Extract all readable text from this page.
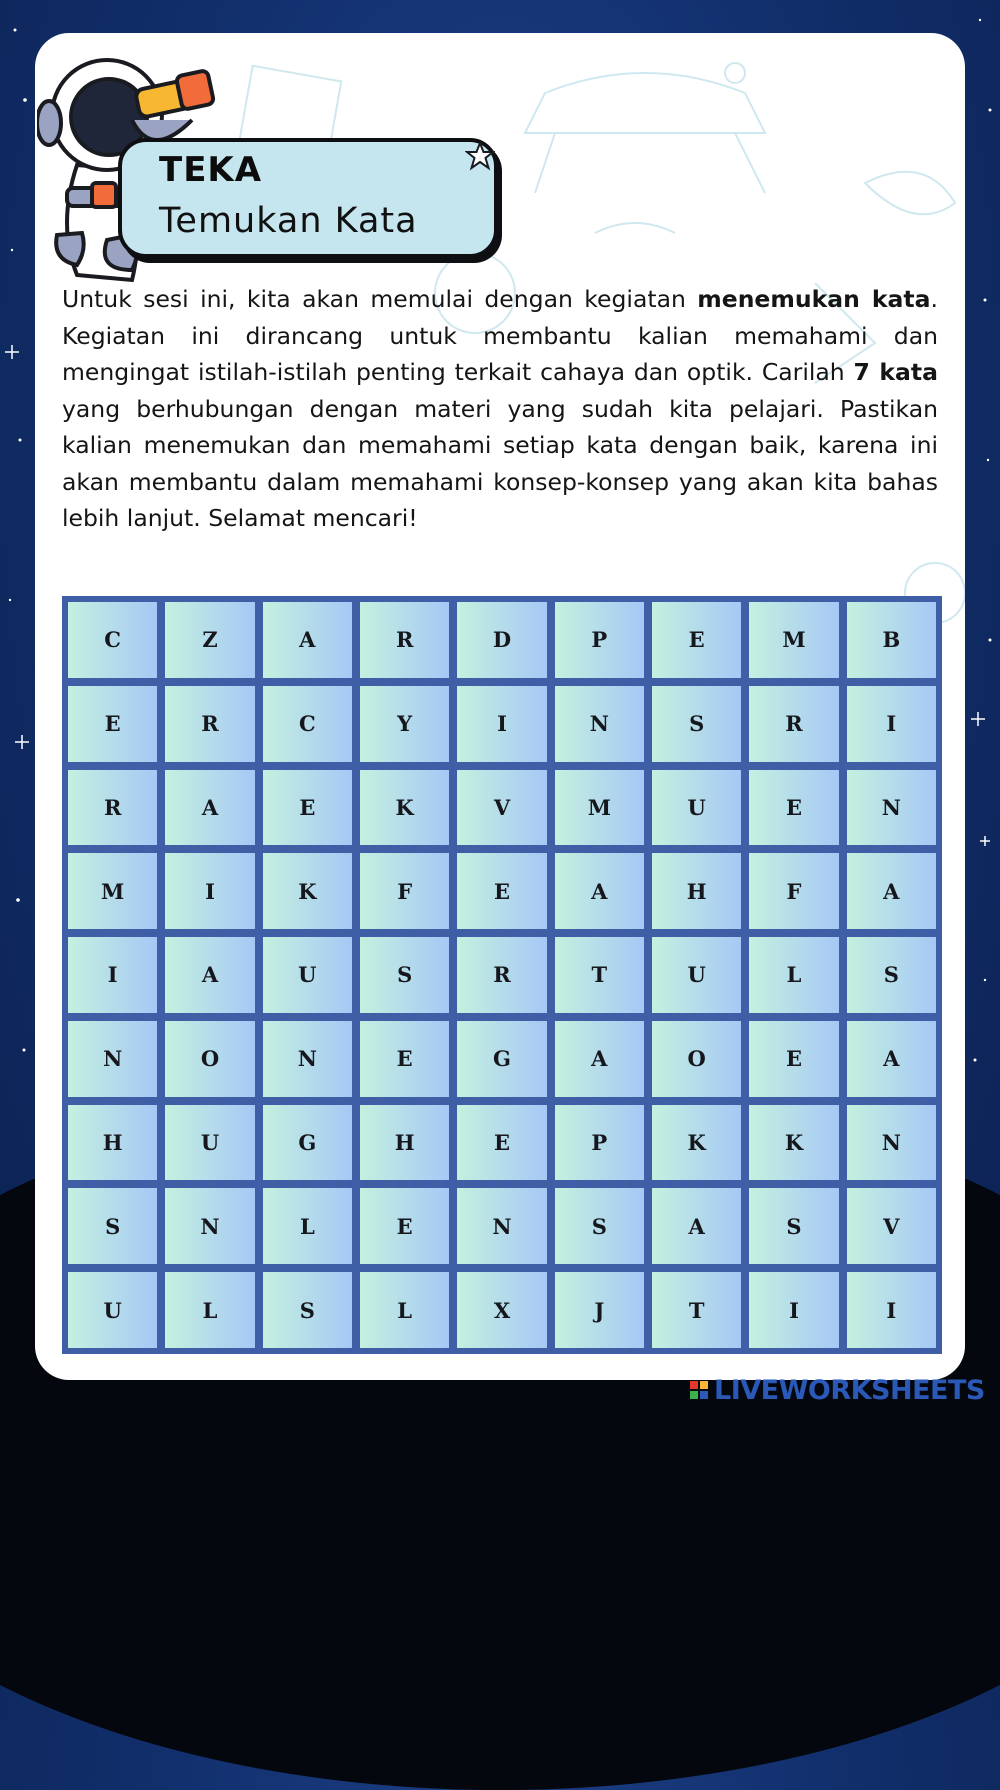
TEKA
Temukan Kata
Untuk sesi ini, kita akan memulai dengan kegiatan menemukan kata. Kegiatan ini dirancang untuk membantu kalian memahami dan mengingat istilah-istilah penting terkait cahaya dan optik. Carilah 7 kata yang berhubungan dengan materi yang sudah kita pelajari. Pastikan kalian menemukan dan memahami setiap kata dengan baik, karena ini akan membantu dalam memahami konsep-konsep yang akan kita bahas lebih lanjut. Selamat mencari!
C	Z	A	R	D	P	E	M	B
E	R	C	Y	I	N	S	R	I
R	A	E	K	V	M	U	E	N
M	I	K	F	E	A	H	F	A
I	A	U	S	R	T	U	L	S
N	O	N	E	G	A	O	E	A
H	U	G	H	E	P	K	K	N
S	N	L	E	N	S	A	S	V
U	L	S	L	X	J	T	I	I
LIVEWORKSHEETS
